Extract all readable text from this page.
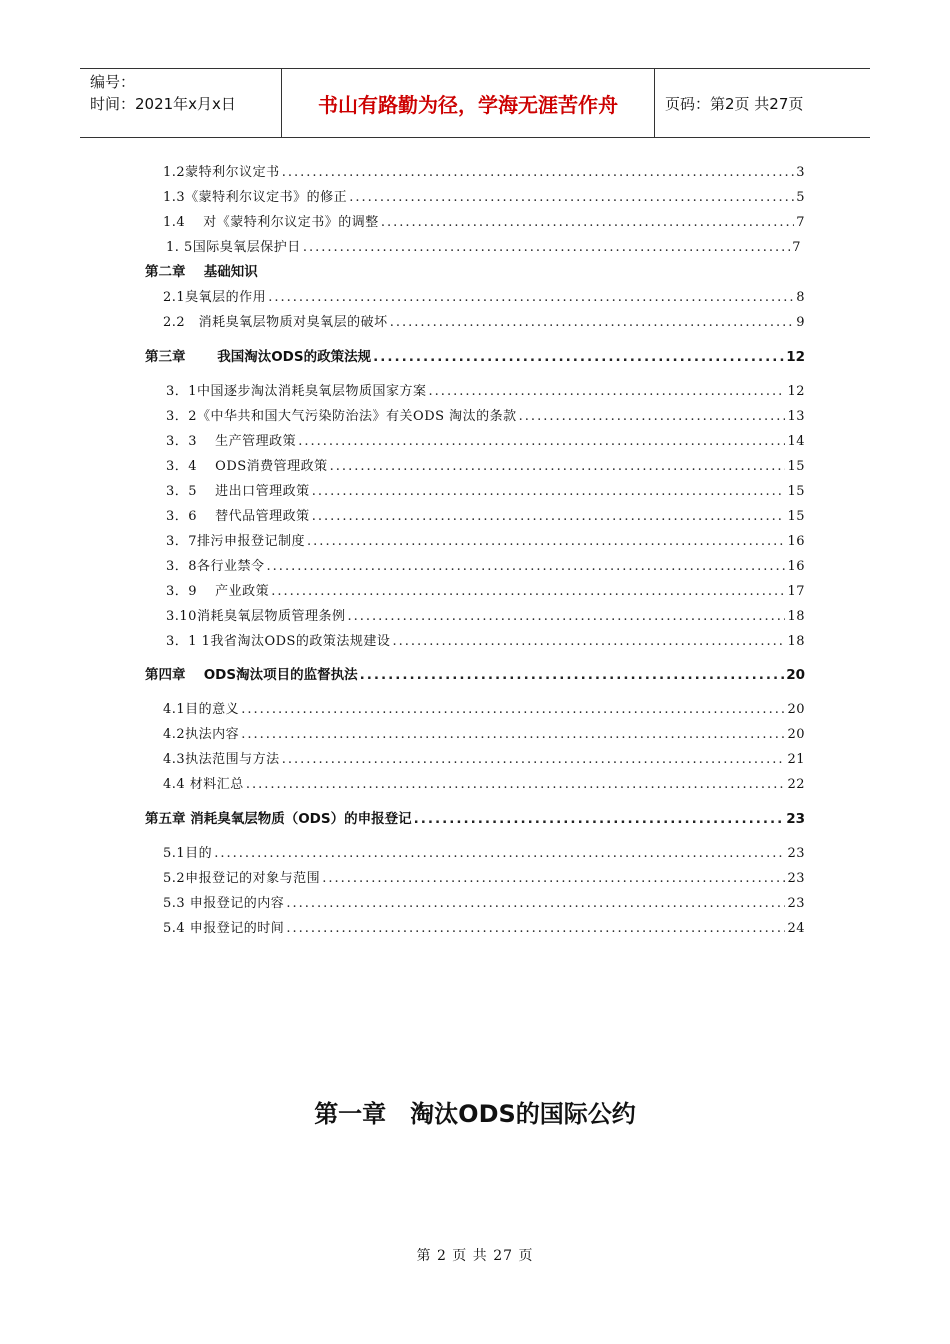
编号：
时间：2021年x月x日	书山有路勤为径，学海无涯苦作舟	页码：第2页 共27页
1.2蒙特利尔议定书 .....	3
1.3《蒙特利尔议定书》的修正 .....	5
1.4　 对《蒙特利尔议定书》的调整 .....	7
1. 5国际臭氧层保护日 .....	7
第二章　 基础知识
2.1臭氧层的作用 .....	8
2.2　消耗臭氧层物质对臭氧层的破坏 .....	9
第三章　 　我国淘汰ODS的政策法规 .....	12
3．1中国逐步淘汰消耗臭氧层物质国家方案 .....	12
3．2《中华共和国大气污染防治法》有关ODS 淘汰的条款 .....	13
3．3　 生产管理政策 .....	14
3．4　 ODS消费管理政策 .....	15
3．5　 进出口管理政策 .....	15
3．6　 替代品管理政策 .....	15
3．7排污申报登记制度 .....	16
3．8各行业禁令 .....	16
3．9　 产业政策 .....	17
3.10消耗臭氧层物质管理条例 .....	18
3．1 1我省淘汰ODS的政策法规建设 .....	18
第四章　 ODS淘汰项目的监督执法 .....	20
4.1目的意义 .....	20
4.2执法内容 .....	20
4.3执法范围与方法 .....	21
4.4 材料汇总 .....	22
第五章 消耗臭氧层物质（ODS）的申报登记 .....	23
5.1目的 .....	23
5.2申报登记的对象与范围 .....	23
5.3 申报登记的内容 .....	23
5.4 申报登记的时间 .....	24
第一章　淘汰ODS的国际公约
第 2 页 共 27 页
